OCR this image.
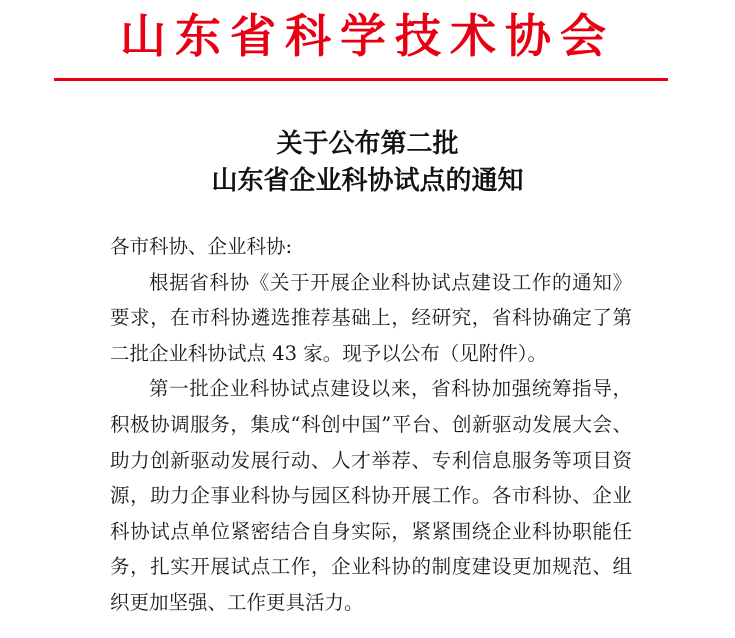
山东省科学技术协会
关于公布第二批
山东省企业科协试点的通知
各市科协、企业科协:
根据省科协《关于开展企业科协试点建设工作的通知》
要求，在市科协遴选推荐基础上，经研究，省科协确定了第
二批企业科协试点 43 家。现予以公布（见附件）。
第一批企业科协试点建设以来，省科协加强统筹指导，
积极协调服务，集成“科创中国”平台、创新驱动发展大会、
助力创新驱动发展行动、人才举荐、专利信息服务等项目资
源，助力企事业科协与园区科协开展工作。各市科协、企业
科协试点单位紧密结合自身实际，紧紧围绕企业科协职能任
务，扎实开展试点工作，企业科协的制度建设更加规范、组
织更加坚强、工作更具活力。
